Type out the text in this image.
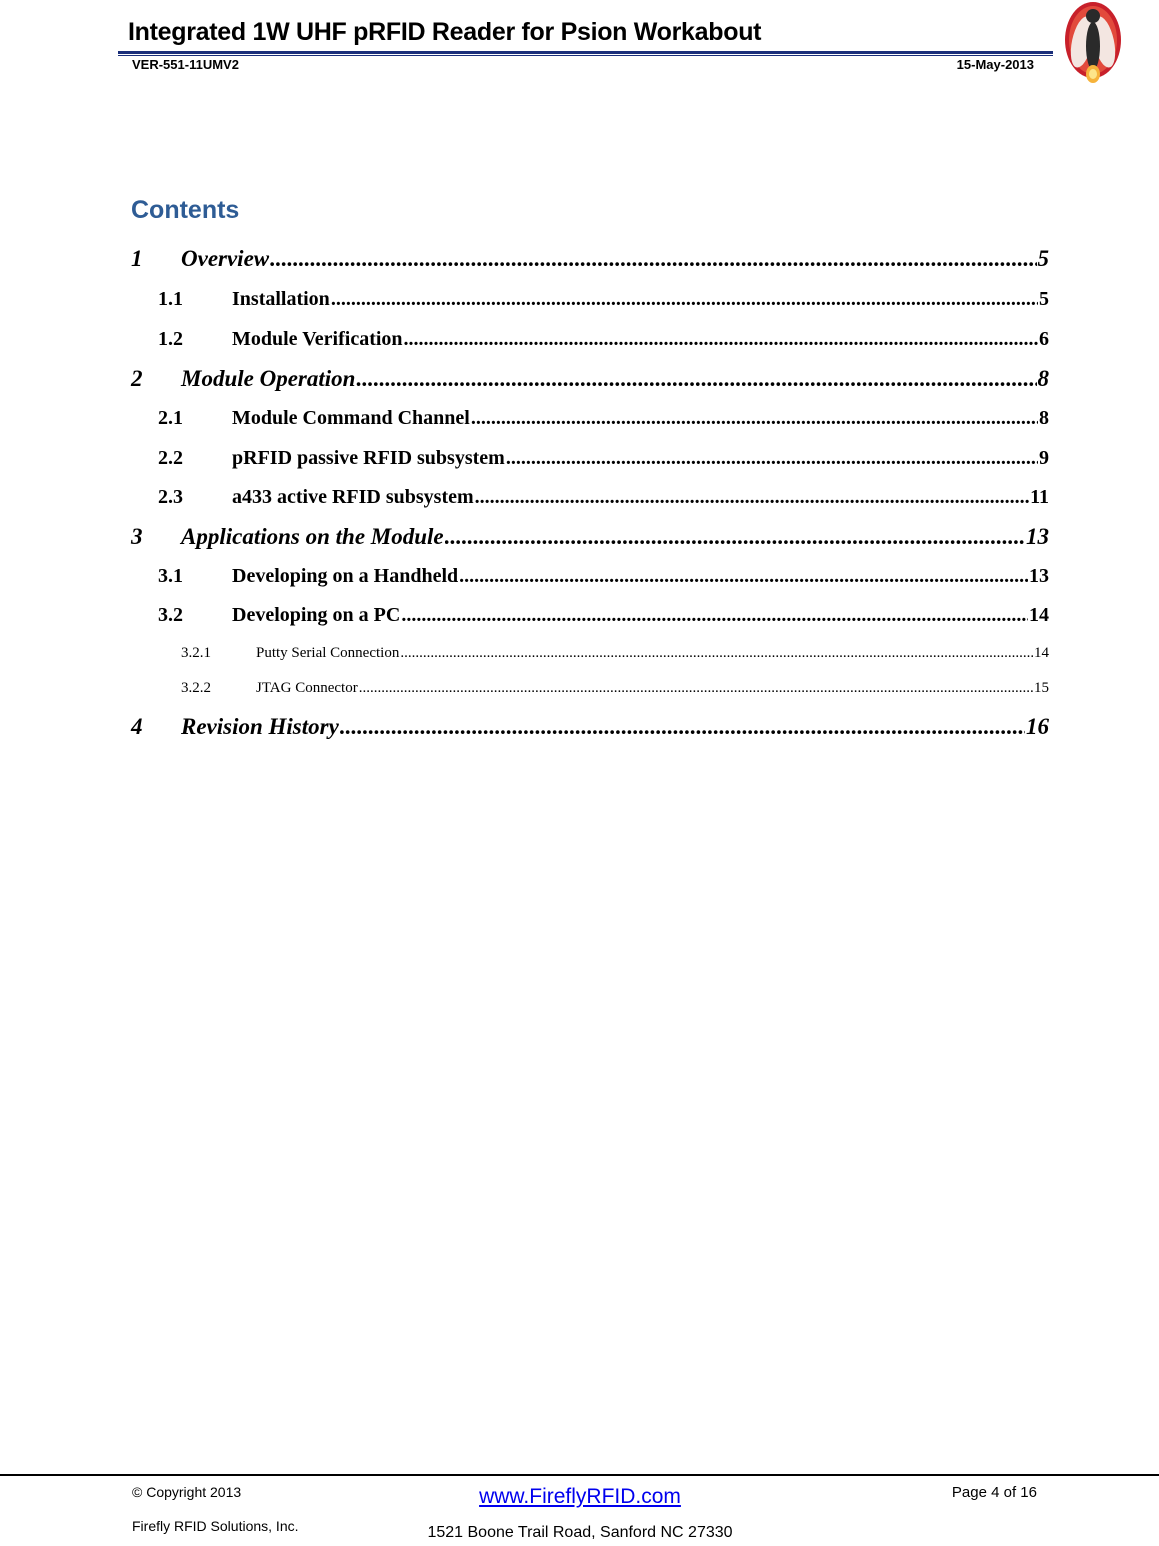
Integrated 1W UHF pRFID Reader for Psion Workabout
VER-551-11UMV2	15-May-2013
Contents
1	Overview .....	5
1.1	Installation .....	5
1.2	Module Verification .....	6
2	Module Operation .....	8
2.1	Module Command Channel .....	8
2.2	pRFID passive RFID subsystem .....	9
2.3	a433 active RFID subsystem .....	11
3	Applications on the Module .....	13
3.1	Developing on a Handheld .....	13
3.2	Developing on a PC .....	14
3.2.1	Putty Serial Connection .....	14
3.2.2	JTAG Connector .....	15
4	Revision History .....	16
© Copyright 2013
Firefly RFID Solutions, Inc.
www.FireflyRFID.com
1521 Boone Trail Road, Sanford NC 27330
Page 4 of 16
